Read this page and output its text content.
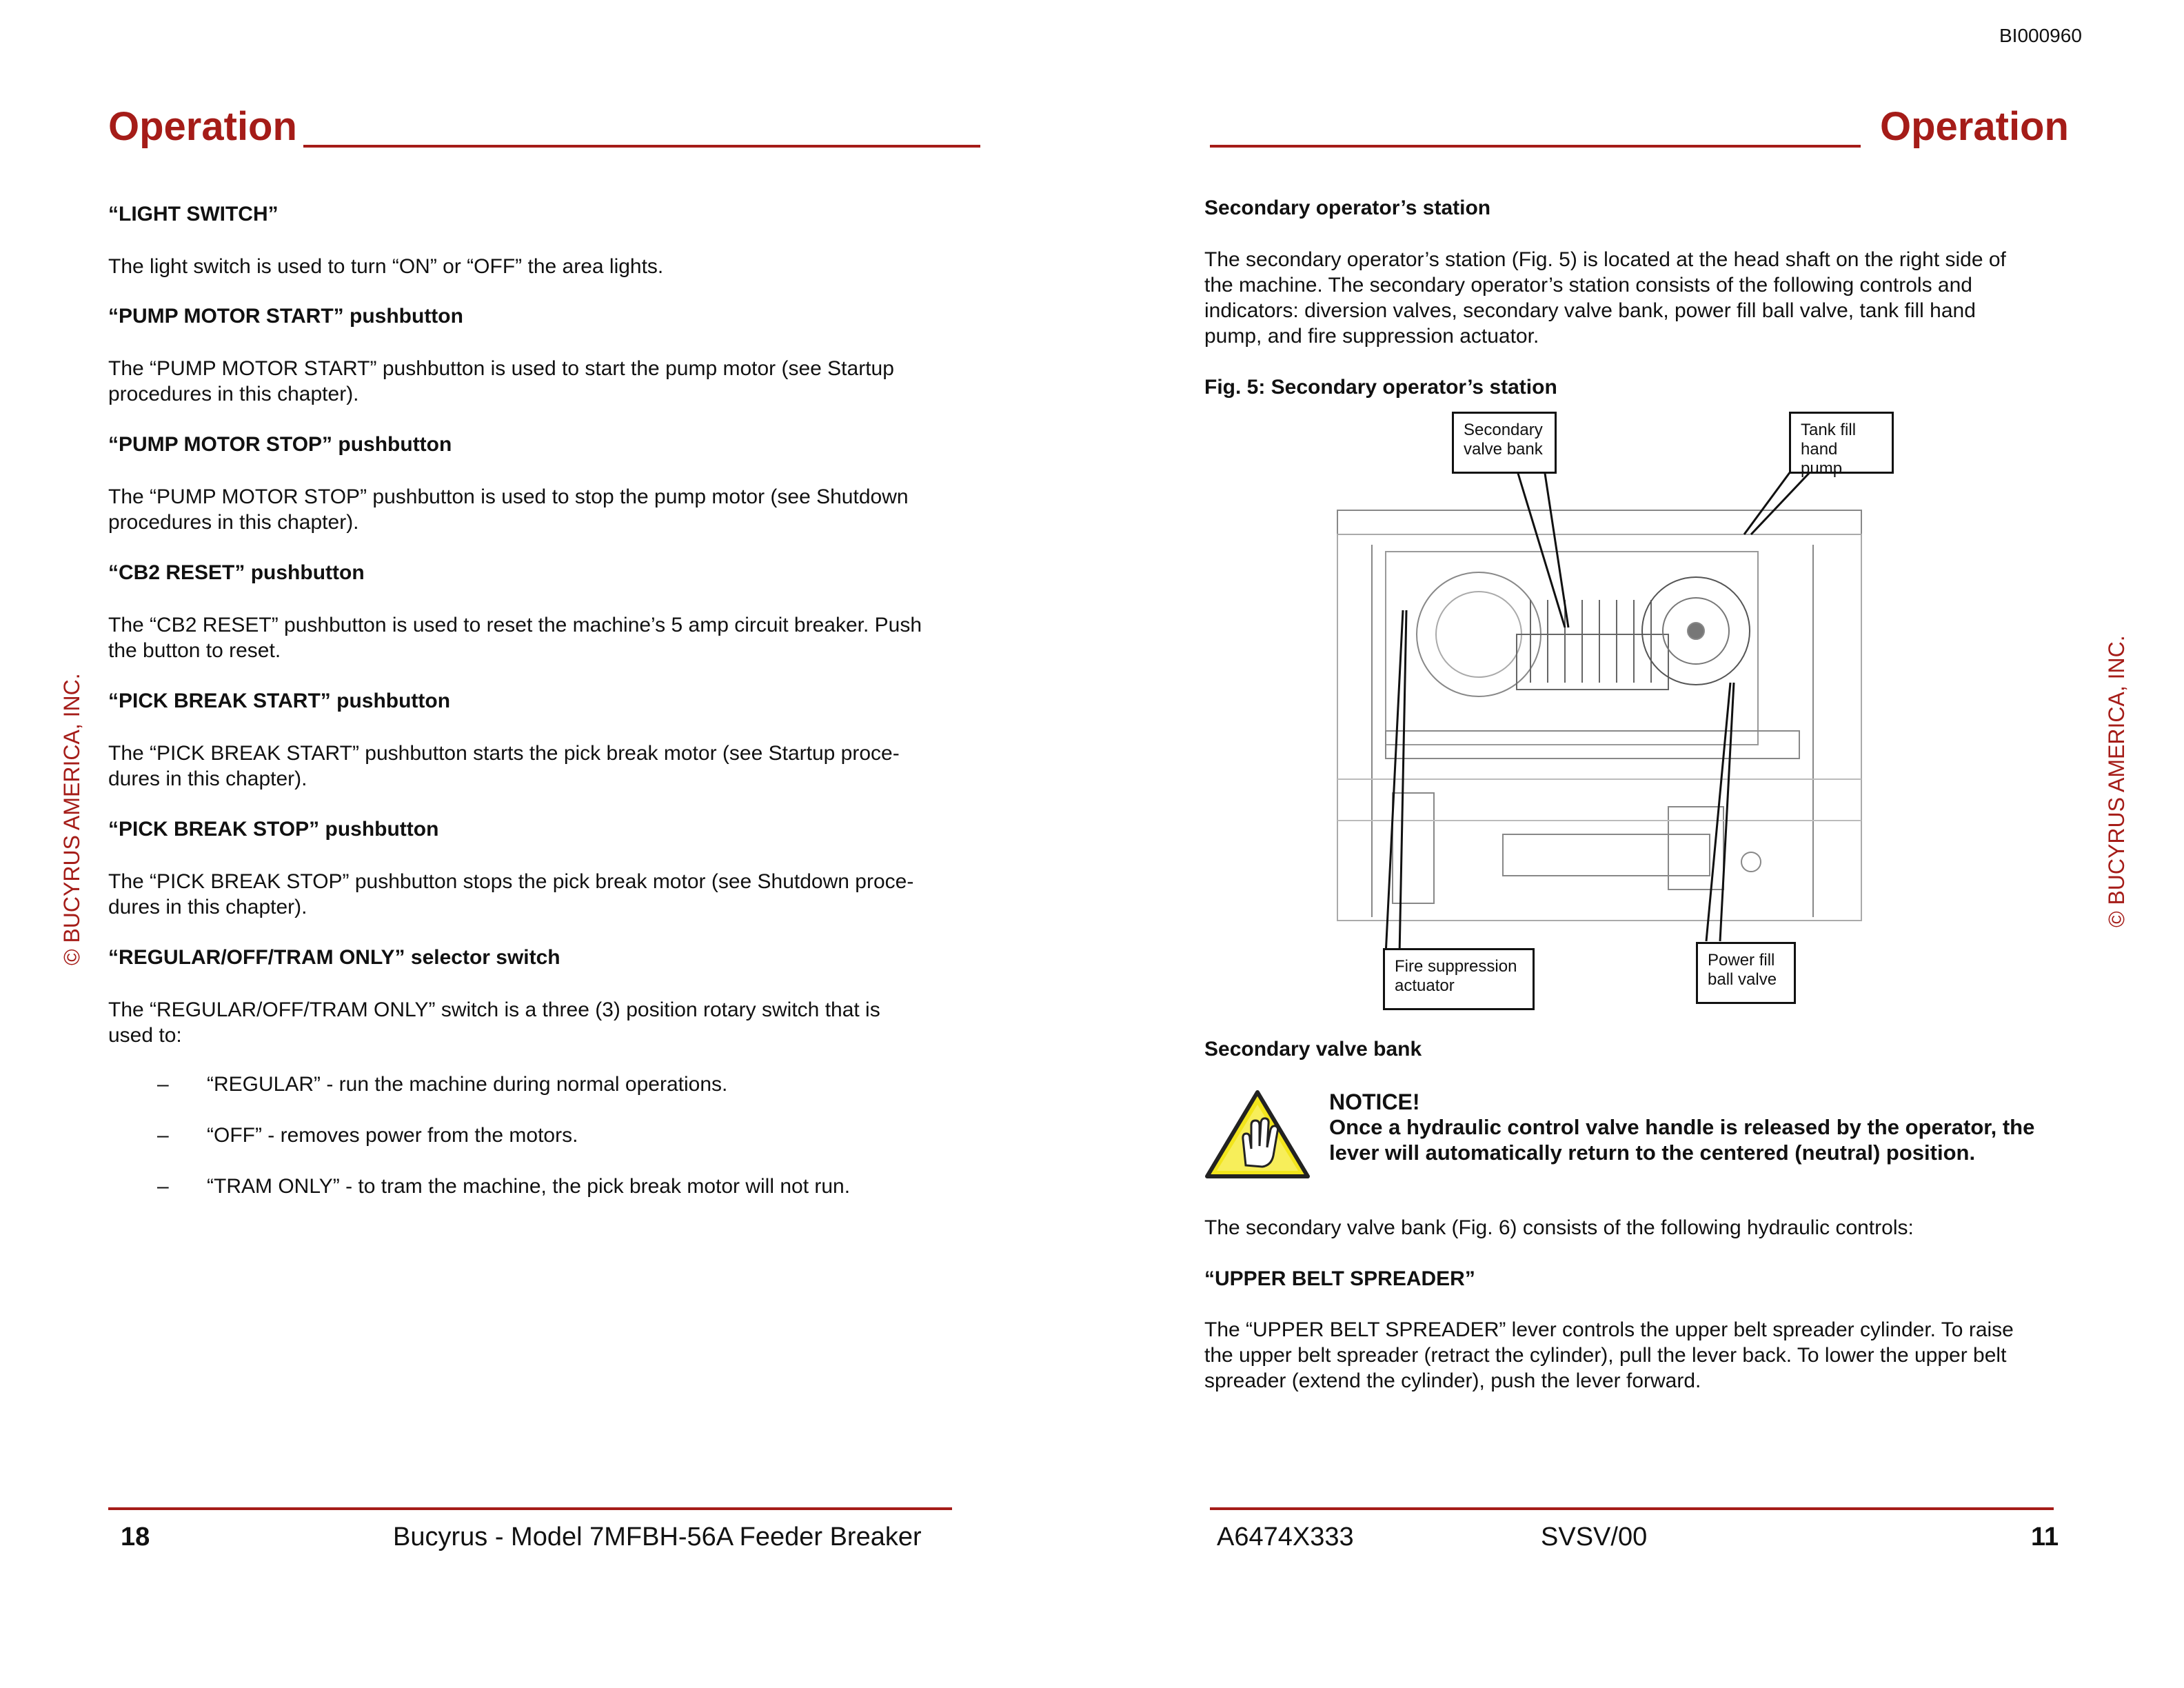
BI000960
Operation
© BUCYRUS AMERICA, INC.
“LIGHT SWITCH”
The light switch is used to turn “ON” or “OFF” the area lights.
“PUMP MOTOR START” pushbutton
The “PUMP MOTOR START” pushbutton is used to start the pump motor (see Startup
procedures in this chapter).
“PUMP MOTOR STOP” pushbutton
The “PUMP MOTOR STOP” pushbutton is used to stop the pump motor (see Shutdown
procedures in this chapter).
“CB2 RESET” pushbutton
The “CB2 RESET” pushbutton is used to reset the machine’s 5 amp circuit breaker. Push
the button to reset.
“PICK BREAK START” pushbutton
The “PICK BREAK START” pushbutton starts the pick break motor (see Startup proce-
dures in this chapter).
“PICK BREAK STOP” pushbutton
The “PICK BREAK STOP” pushbutton stops the pick break motor (see Shutdown proce-
dures in this chapter).
“REGULAR/OFF/TRAM ONLY” selector switch
The “REGULAR/OFF/TRAM ONLY” switch is a three (3) position rotary switch that is
used to:
– “REGULAR” - run the machine during normal operations.
– “OFF” - removes power from the motors.
– “TRAM ONLY” - to tram the machine, the pick break motor will not run.
18	Bucyrus - Model 7MFBH-56A Feeder Breaker
Operation
© BUCYRUS AMERICA, INC.
Secondary operator’s station
The secondary operator’s station (Fig. 5) is located at the head shaft on the right side of
the machine. The secondary operator’s station consists of the following controls and
indicators: diversion valves, secondary valve bank, power fill ball valve, tank fill hand
pump, and fire suppression actuator.
Fig. 5: Secondary operator’s station
Secondary
valve bank
Tank fill
hand pump
Fire suppression
actuator
Power fill
ball valve
Secondary valve bank
NOTICE!
Once a hydraulic control valve handle is released by the operator, the
lever will automatically return to the centered (neutral) position.
The secondary valve bank (Fig. 6) consists of the following hydraulic controls:
“UPPER BELT SPREADER”
The “UPPER BELT SPREADER” lever controls the upper belt spreader cylinder. To raise
the upper belt spreader (retract the cylinder), pull the lever back. To lower the upper belt
spreader (extend the cylinder), push the lever forward.
A6474X333	SVSV/00	11
